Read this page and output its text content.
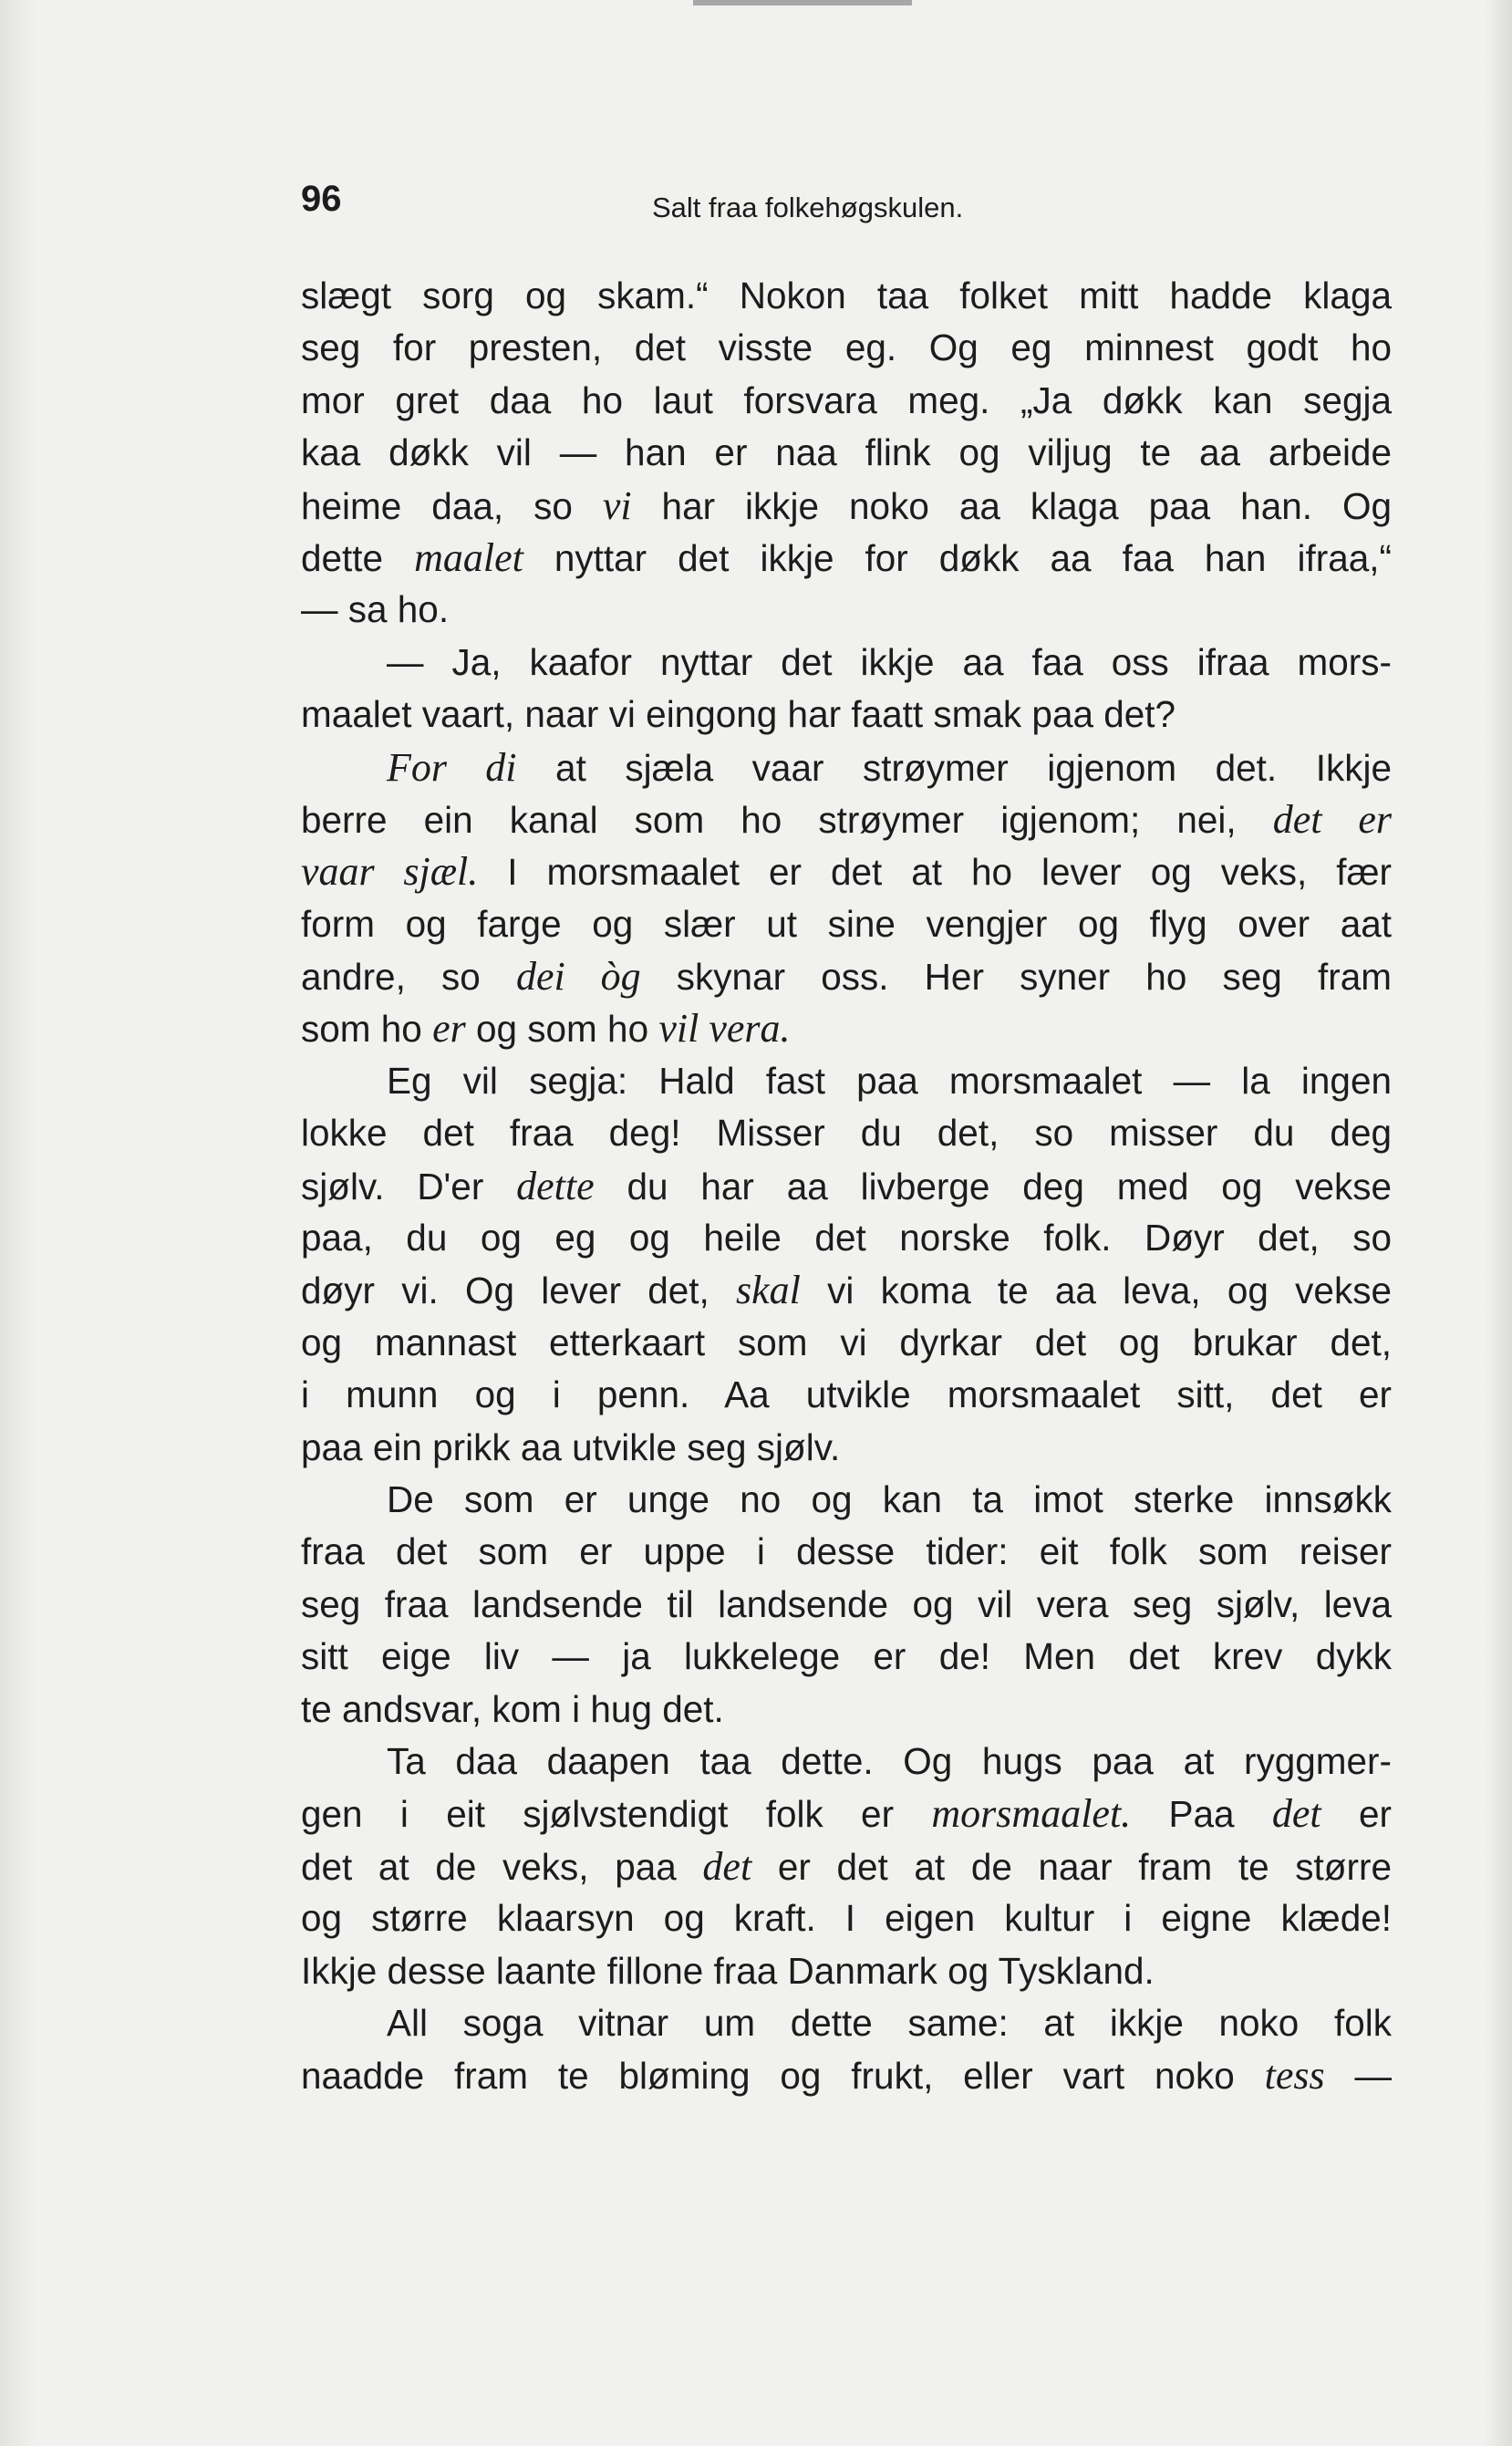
96	Salt fraa folkehøgskulen.
slægt sorg og skam.“ Nokon taa folket mitt hadde klaga
seg for presten, det visste eg. Og eg minnest godt ho
mor gret daa ho laut forsvara meg. „Ja døkk kan segja
kaa døkk vil — han er naa flink og viljug te aa arbeide
heime daa, so vi har ikkje noko aa klaga paa han. Og
dette maalet nyttar det ikkje for døkk aa faa han ifraa,“
— sa ho.
— Ja, kaafor nyttar det ikkje aa faa oss ifraa mors-
maalet vaart, naar vi eingong har faatt smak paa det?
For di at sjæla vaar strøymer igjenom det. Ikkje
berre ein kanal som ho strøymer igjenom; nei, det er
vaar sjæl. I morsmaalet er det at ho lever og veks, fær
form og farge og slær ut sine vengjer og flyg over aat
andre, so dei òg skynar oss. Her syner ho seg fram
som ho er og som ho vil vera.
Eg vil segja: Hald fast paa morsmaalet — la ingen
lokke det fraa deg! Misser du det, so misser du deg
sjølv. D'er dette du har aa livberge deg med og vekse
paa, du og eg og heile det norske folk. Døyr det, so
døyr vi. Og lever det, skal vi koma te aa leva, og vekse
og mannast etterkaart som vi dyrkar det og brukar det,
i munn og i penn. Aa utvikle morsmaalet sitt, det er
paa ein prikk aa utvikle seg sjølv.
De som er unge no og kan ta imot sterke innsøkk
fraa det som er uppe i desse tider: eit folk som reiser
seg fraa landsende til landsende og vil vera seg sjølv, leva
sitt eige liv — ja lukkelege er de! Men det krev dykk
te andsvar, kom i hug det.
Ta daa daapen taa dette. Og hugs paa at ryggmer-
gen i eit sjølvstendigt folk er morsmaalet. Paa det er
det at de veks, paa det er det at de naar fram te større
og større klaarsyn og kraft. I eigen kultur i eigne klæde!
Ikkje desse laante fillone fraa Danmark og Tyskland.
All soga vitnar um dette same: at ikkje noko folk
naadde fram te bløming og frukt, eller vart noko tess —
